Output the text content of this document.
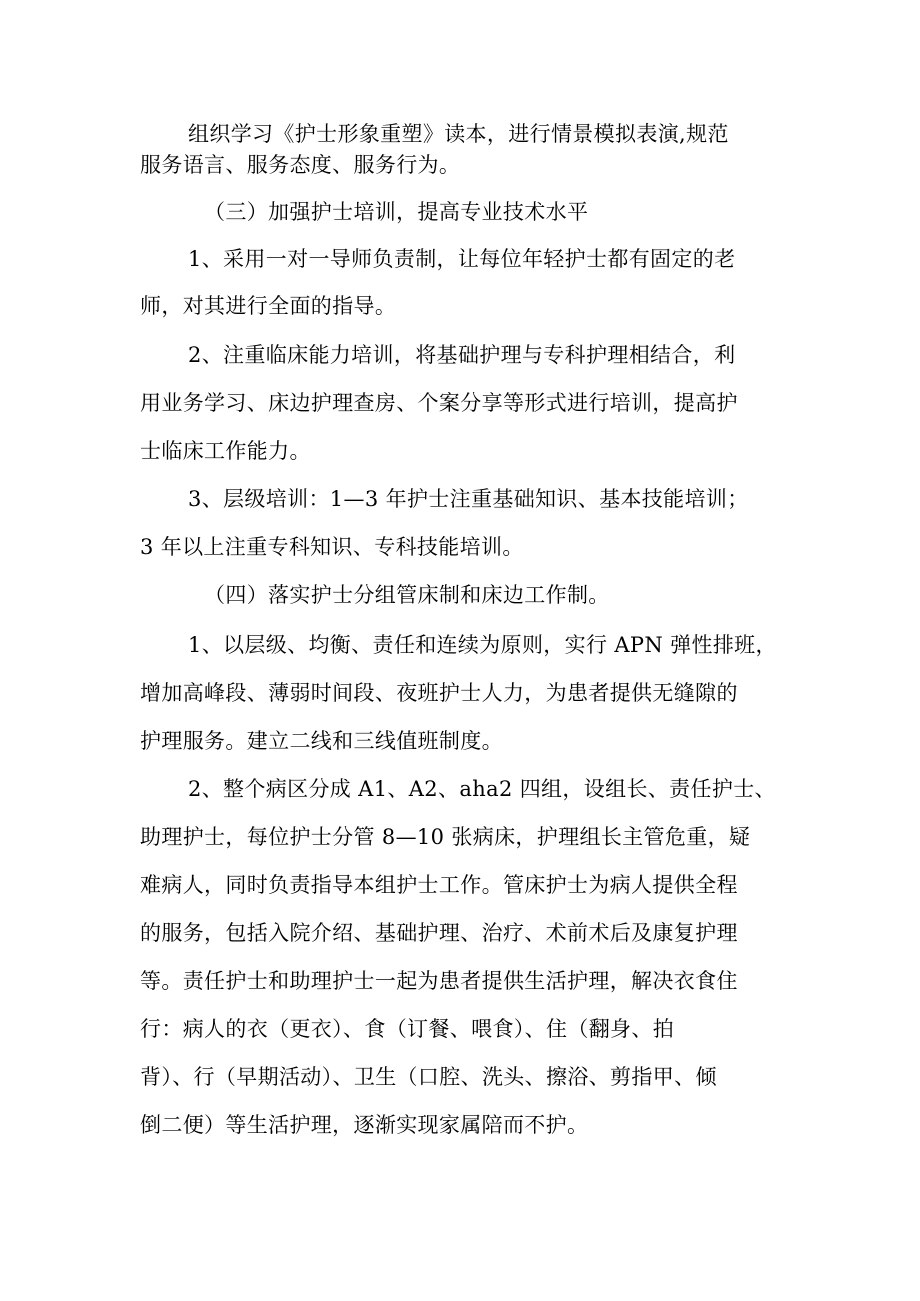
组织学习《护士形象重塑》读本，进行情景模拟表演,规范
服务语言、服务态度、服务行为。
（三）加强护士培训，提高专业技术水平
1、采用一对一导师负责制，让每位年轻护士都有固定的老
师，对其进行全面的指导。
2、注重临床能力培训，将基础护理与专科护理相结合，利
用业务学习、床边护理查房、个案分享等形式进行培训，提高护
士临床工作能力。
3、层级培训：1—3 年护士注重基础知识、基本技能培训；
3 年以上注重专科知识、专科技能培训。
（四）落实护士分组管床制和床边工作制。
1、以层级、均衡、责任和连续为原则，实行 APN 弹性排班，
增加高峰段、薄弱时间段、夜班护士人力，为患者提供无缝隙的
护理服务。建立二线和三线值班制度。
2、整个病区分成 A1、A2、aha2 四组，设组长、责任护士、
助理护士，每位护士分管 8—10 张病床，护理组长主管危重，疑
难病人，同时负责指导本组护士工作。管床护士为病人提供全程
的服务，包括入院介绍、基础护理、治疗、术前术后及康复护理
等。责任护士和助理护士一起为患者提供生活护理，解决衣食住
行：病人的衣（更衣）、食（订餐、喂食）、住（翻身、拍
背）、行（早期活动）、卫生（口腔、洗头、擦浴、剪指甲、倾
倒二便）等生活护理，逐渐实现家属陪而不护。
